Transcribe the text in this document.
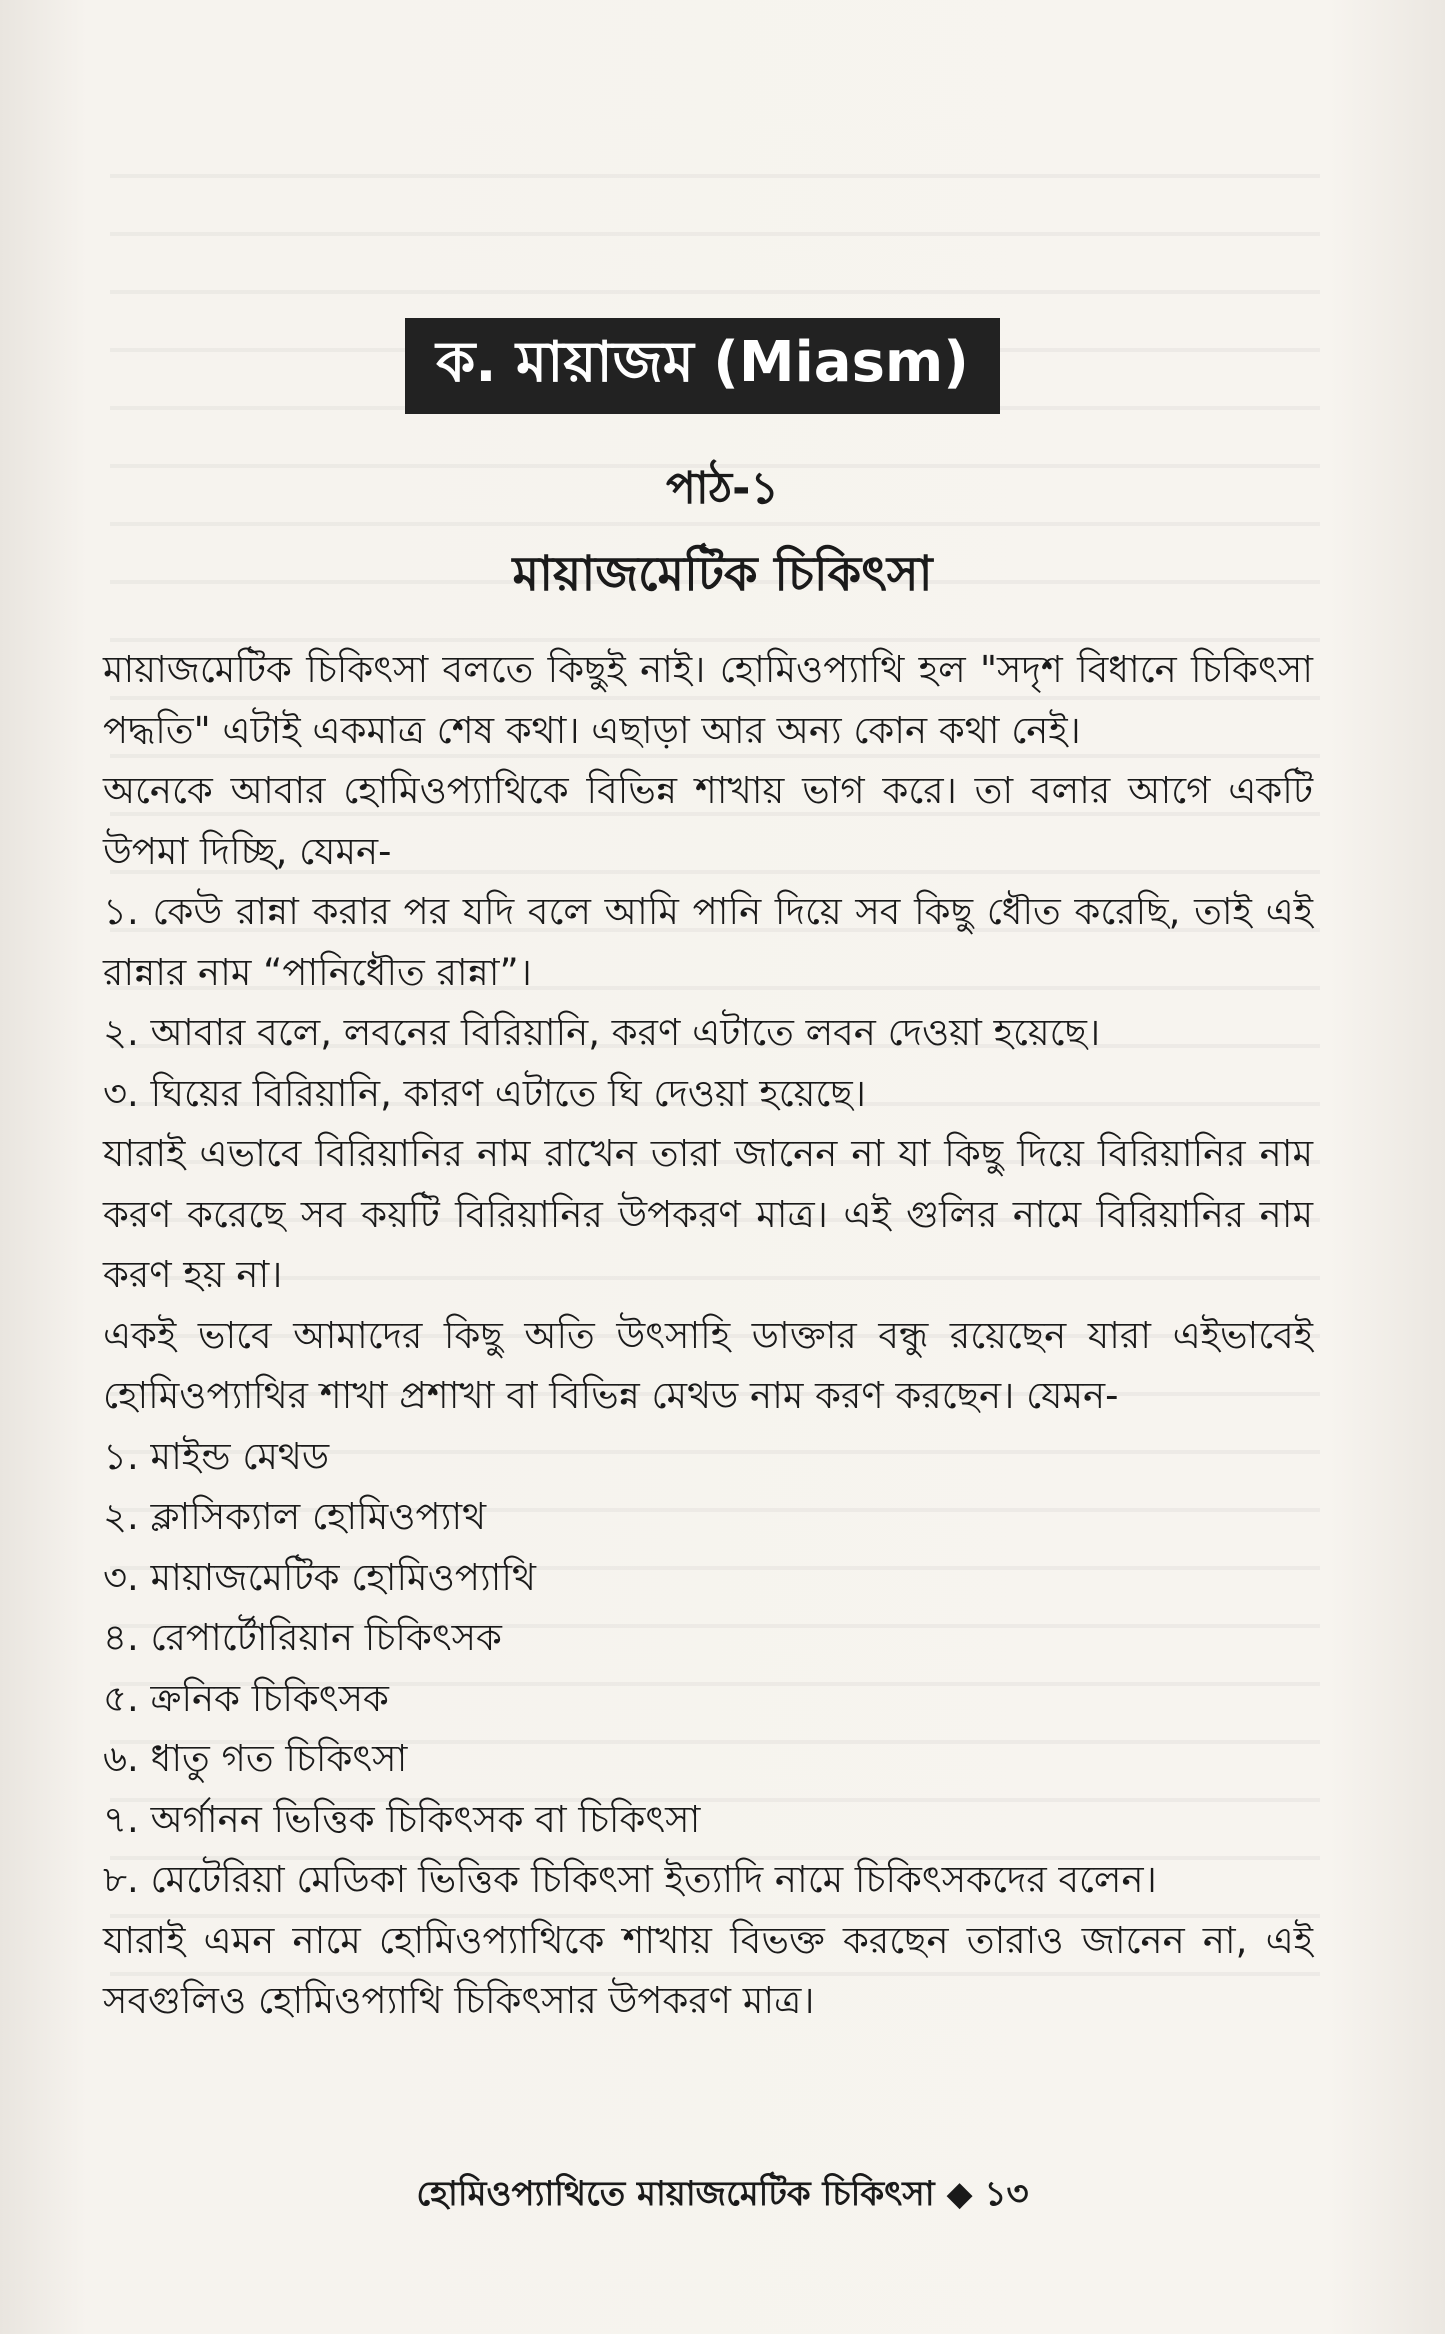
ক. মায়াজম (Miasm)
পাঠ-১
মায়াজমেটিক চিকিৎসা

মায়াজমেটিক চিকিৎসা বলতে কিছুই নাই। হোমিওপ্যাথি হল "সদৃশ বিধানে চিকিৎসা পদ্ধতি" এটাই একমাত্র শেষ কথা। এছাড়া আর অন্য কোন কথা নেই।

অনেকে আবার হোমিওপ্যাথিকে বিভিন্ন শাখায় ভাগ করে। তা বলার আগে একটি উপমা দিচ্ছি, যেমন-

১. কেউ রান্না করার পর যদি বলে আমি পানি দিয়ে সব কিছু ধৌত করেছি, তাই এই রান্নার নাম “পানিধৌত রান্না”।

২. আবার বলে, লবনের বিরিয়ানি, করণ এটাতে লবন দেওয়া হয়েছে।

৩. ঘিয়ের বিরিয়ানি, কারণ এটাতে ঘি দেওয়া হয়েছে।

যারাই এভাবে বিরিয়ানির নাম রাখেন তারা জানেন না যা কিছু দিয়ে বিরিয়ানির নাম করণ করেছে সব কয়টি বিরিয়ানির উপকরণ মাত্র। এই গুলির নামে বিরিয়ানির নাম করণ হয় না।

একই ভাবে আমাদের কিছু অতি উৎসাহি ডাক্তার বন্ধু রয়েছেন যারা এইভাবেই হোমিওপ্যাথির শাখা প্রশাখা বা বিভিন্ন মেথড নাম করণ করছেন। যেমন-

১. মাইন্ড মেথড

২. ক্লাসিক্যাল হোমিওপ্যাথ

৩. মায়াজমেটিক হোমিওপ্যাথি

৪. রেপার্টোরিয়ান চিকিৎসক

৫. ক্রনিক চিকিৎসক

৬. ধাতু গত চিকিৎসা

৭. অর্গানন ভিত্তিক চিকিৎসক বা চিকিৎসা

৮. মেটেরিয়া মেডিকা ভিত্তিক চিকিৎসা ইত্যাদি নামে চিকিৎসকদের বলেন।

যারাই এমন নামে হোমিওপ্যাথিকে শাখায় বিভক্ত করছেন তারাও জানেন না, এই সবগুলিও হোমিওপ্যাথি চিকিৎসার উপকরণ মাত্র।

হোমিওপ্যাথিতে মায়াজমেটিক চিকিৎসা ◆ ১৩
